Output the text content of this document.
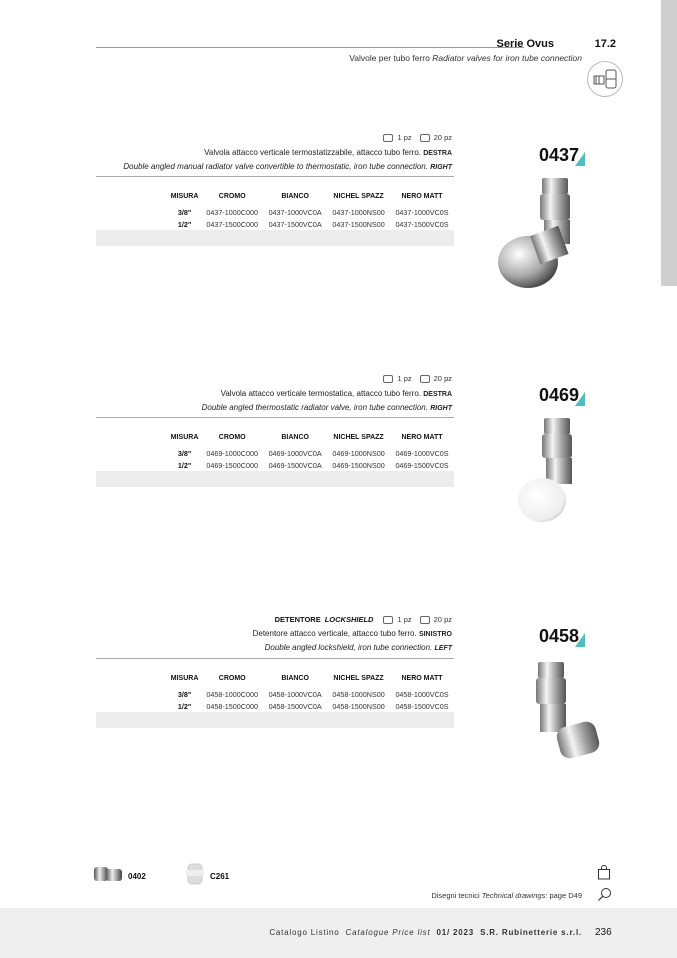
Serie Ovus	17.2
Valvole per tubo ferro Radiator valves for iron tube connection
1 pz	20 pz
Valvola attacco verticale termostatizzabile, attacco tubo ferro. DESTRA
Double angled manual radiator valve convertible to thermostatic, iron tube connection. RIGHT
	MISURA	CROMO	BIANCO	NICHEL SPAZZ	NERO MATT
	3/8"	0437-1000C000	0437-1000VC0A	0437-1000NS00	0437-1000VC0S
	1/2"	0437-1500C000	0437-1500VC0A	0437-1500NS00	0437-1500VC0S

0437
1 pz	20 pz
Valvola attacco verticale termostatica, attacco tubo ferro. DESTRA
Double angled thermostatic radiator valve, iron tube connection. RIGHT
	MISURA	CROMO	BIANCO	NICHEL SPAZZ	NERO MATT
	3/8"	0469-1000C000	0469-1000VC0A	0469-1000NS00	0469-1000VC0S
	1/2"	0469-1500C000	0469-1500VC0A	0469-1500NS00	0469-1500VC0S

0469
DETENTORE LOCKSHIELD	1 pz	20 pz
Detentore attacco verticale, attacco tubo ferro. SINISTRO
Double angled lockshield, iron tube connection. LEFT
	MISURA	CROMO	BIANCO	NICHEL SPAZZ	NERO MATT
	3/8"	0458-1000C000	0458-1000VC0A	0458-1000NS00	0458-1000VC0S
	1/2"	0458-1500C000	0458-1500VC0A	0458-1500NS00	0458-1500VC0S

0458
0402	C261
Disegni tecnici Technical drawings: page D49
Catalogo Listino Catalogue Price list 01/ 2023 S.R. Rubinetterie s.r.l. 236
